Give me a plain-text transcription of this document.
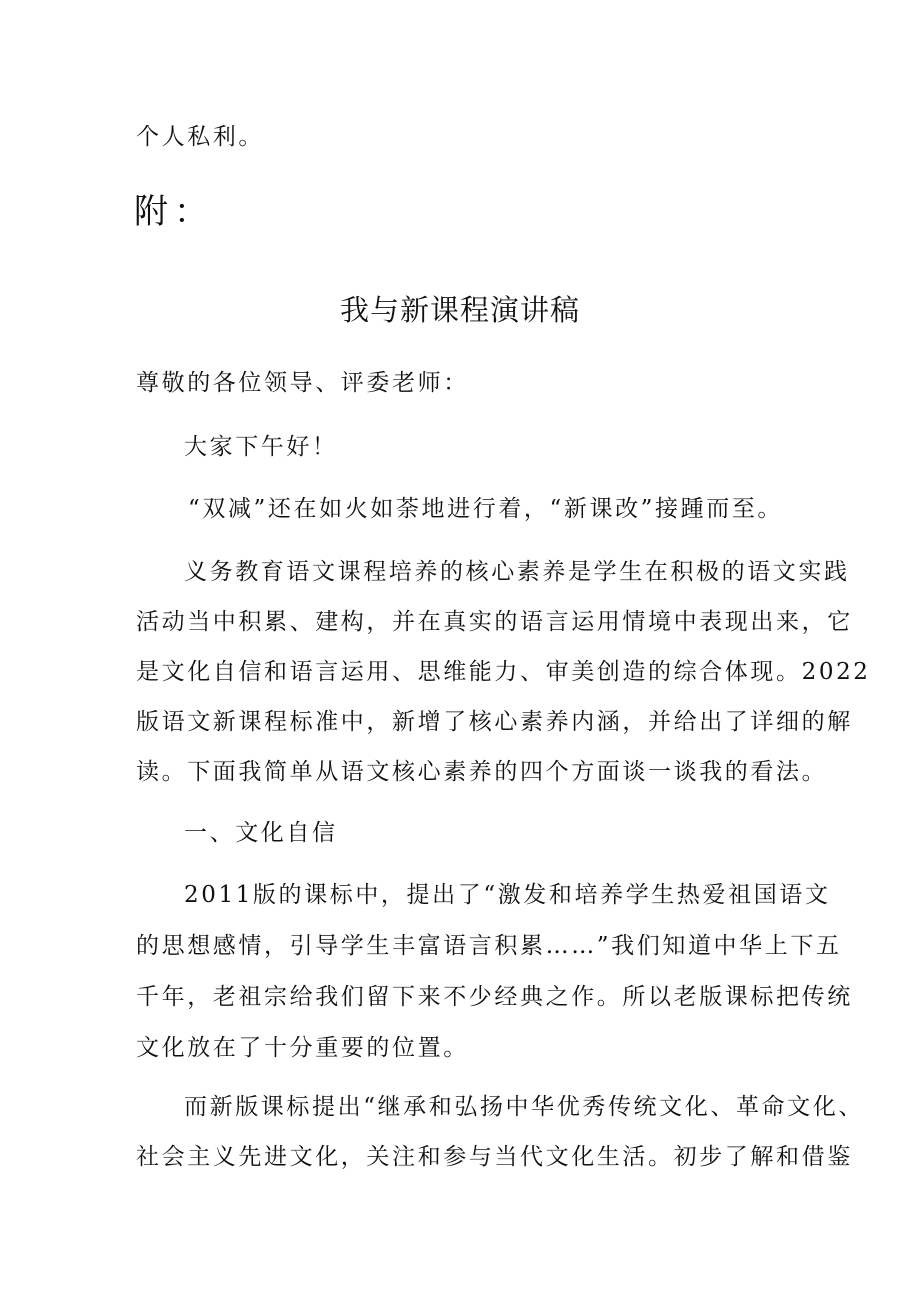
个人私利。
附：
我与新课程演讲稿
尊敬的各位领导、评委老师：
大家下午好！
“双减”还在如火如荼地进行着，“新课改”接踵而至。
义务教育语文课程培养的核心素养是学生在积极的语文实践
活动当中积累、建构，并在真实的语言运用情境中表现出来，它
是文化自信和语言运用、思维能力、审美创造的综合体现。2022
版语文新课程标准中，新增了核心素养内涵，并给出了详细的解
读。下面我简单从语文核心素养的四个方面谈一谈我的看法。
一、文化自信
2011版的课标中，提出了“激发和培养学生热爱祖国语文
的思想感情，引导学生丰富语言积累……”我们知道中华上下五
千年，老祖宗给我们留下来不少经典之作。所以老版课标把传统
文化放在了十分重要的位置。
而新版课标提出“继承和弘扬中华优秀传统文化、革命文化、
社会主义先进文化，关注和参与当代文化生活。初步了解和借鉴
